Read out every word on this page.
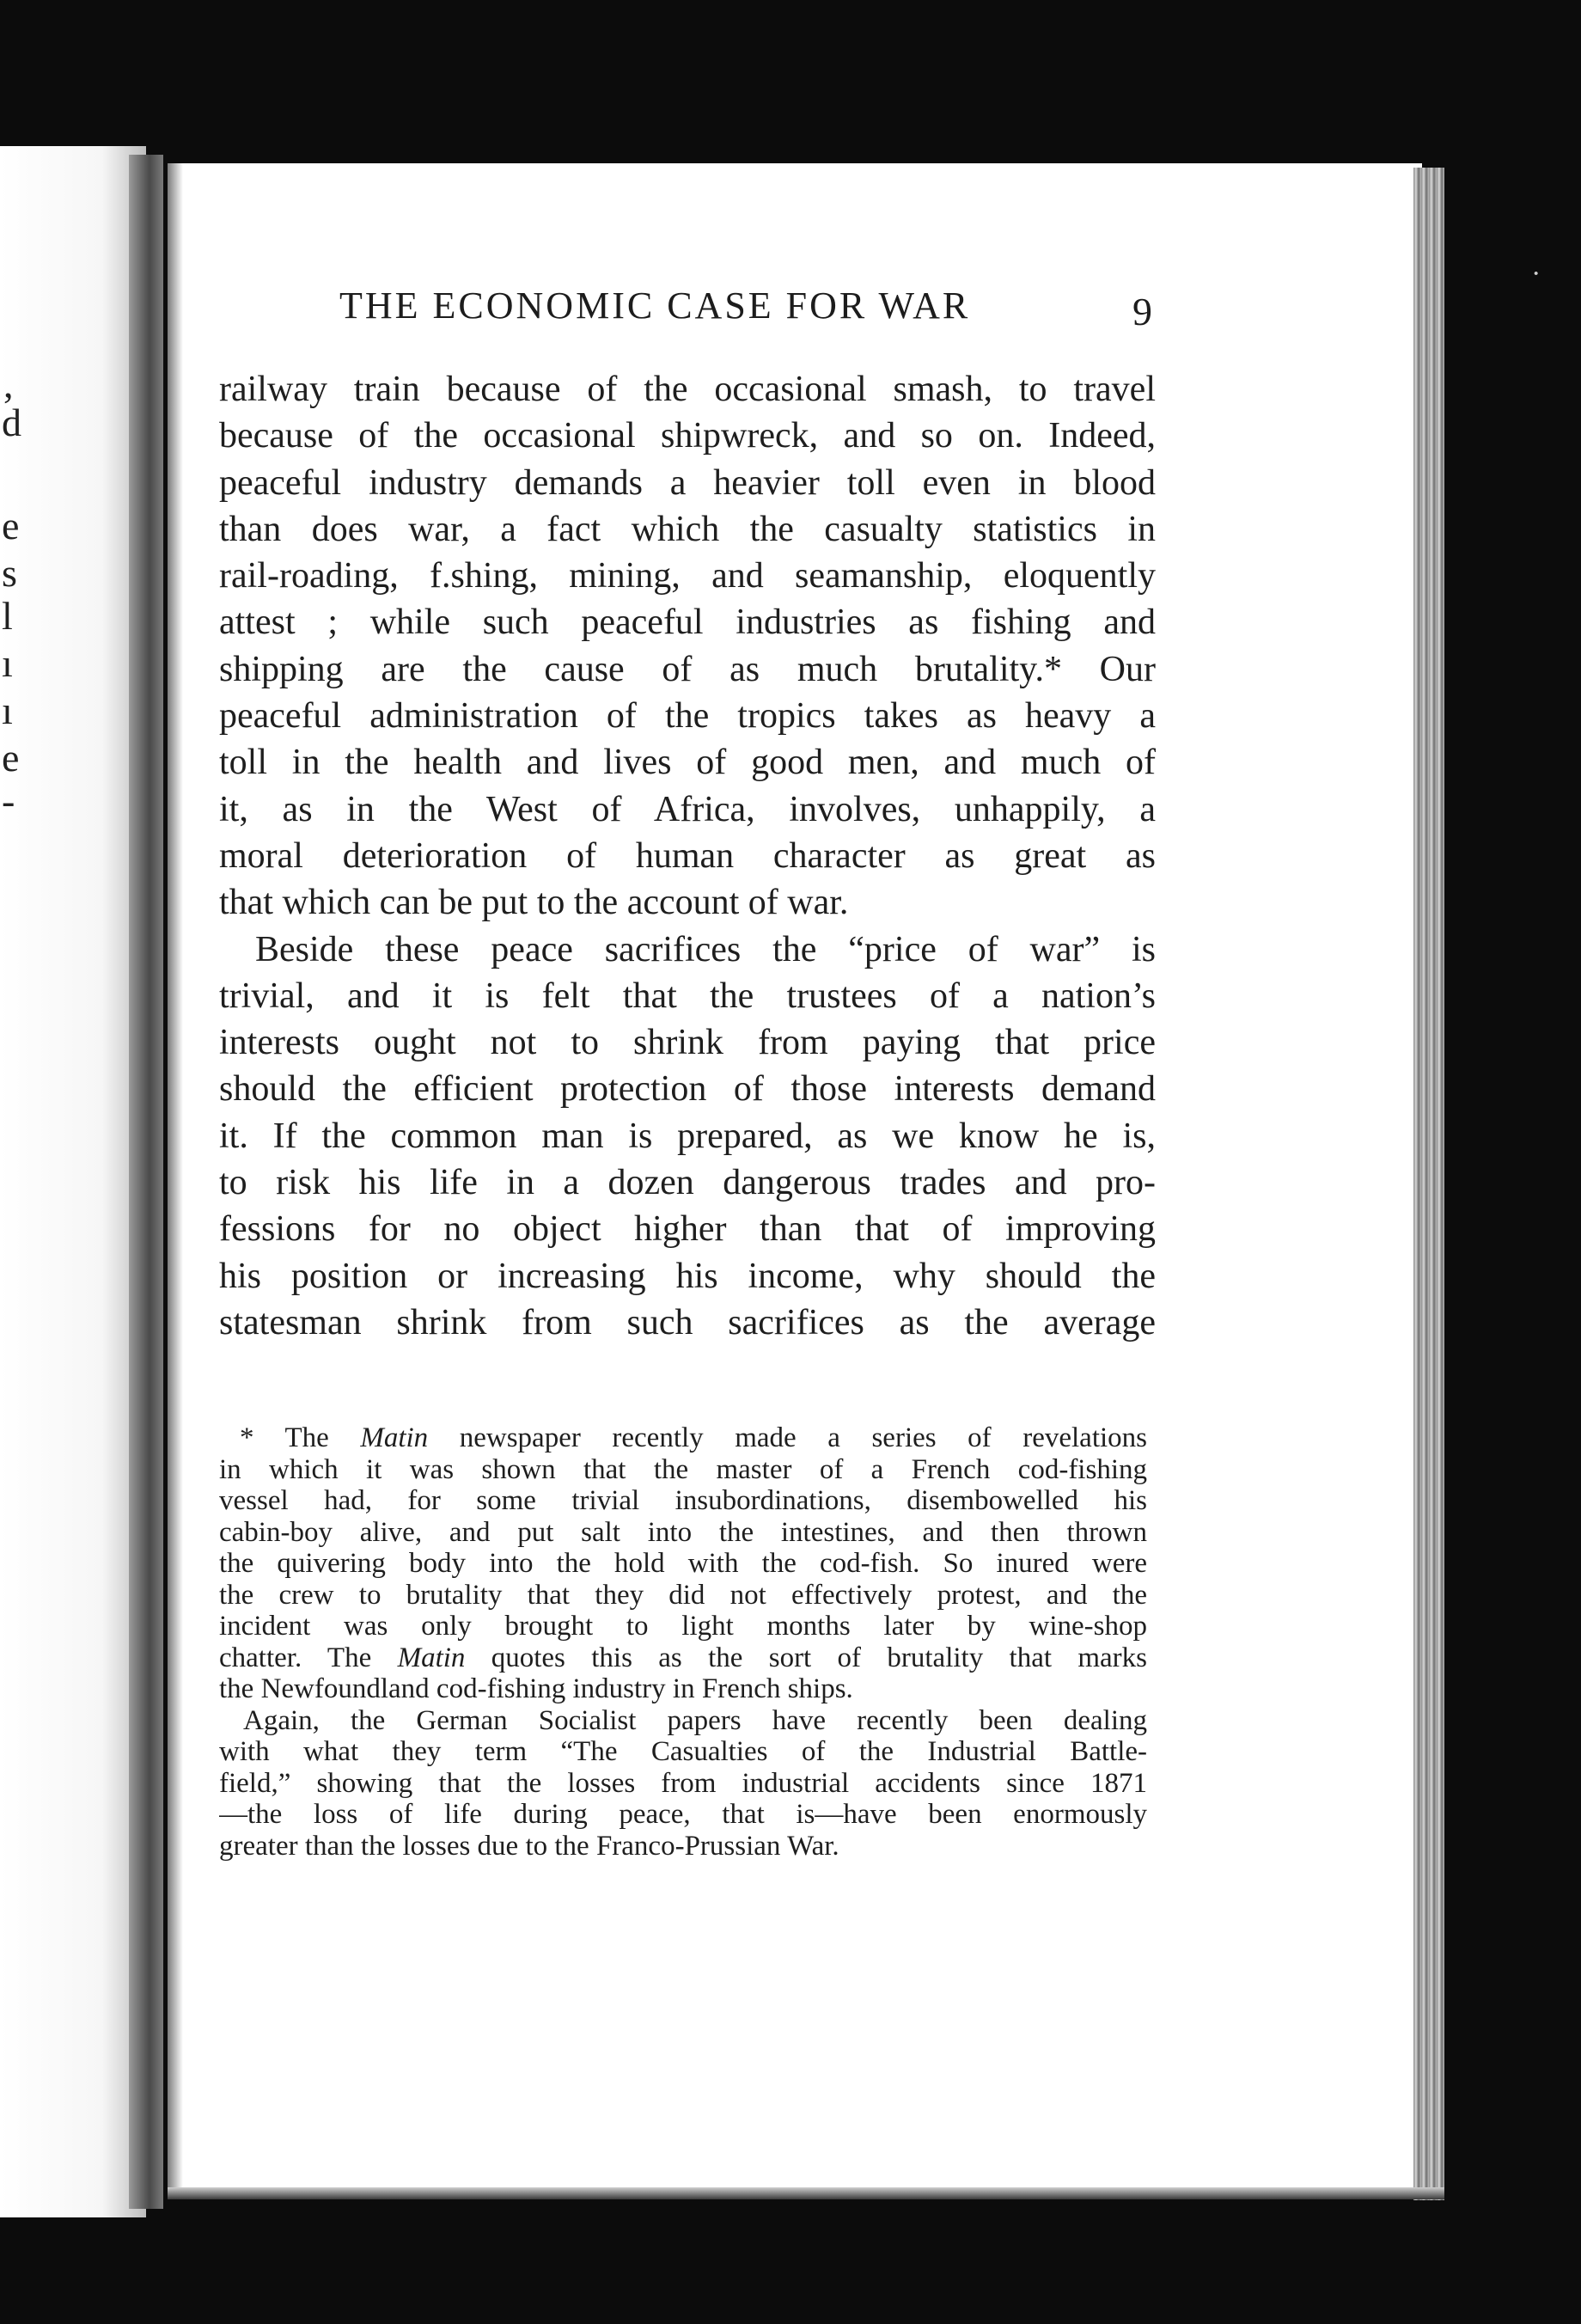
,
d
e
s
l
ı
ı
e
-
THE ECONOMIC CASE FOR WAR	9
railway train because of the occasional smash, to travel
because of the occasional shipwreck, and so on. Indeed,
peaceful industry demands a heavier toll even in blood
than does war, a fact which the casualty statistics in
rail-roading, f.shing, mining, and seamanship, eloquently
attest ; while such peaceful industries as fishing and
shipping are the cause of as much brutality.* Our
peaceful administration of the tropics takes as heavy a
toll in the health and lives of good men, and much of
it, as in the West of Africa, involves, unhappily, a
moral deterioration of human character as great as
that which can be put to the account of war.
Beside these peace sacrifices the “price of war” is
trivial, and it is felt that the trustees of a nation’s
interests ought not to shrink from paying that price
should the efficient protection of those interests demand
it. If the common man is prepared, as we know he is,
to risk his life in a dozen dangerous trades and pro-
fessions for no object higher than that of improving
his position or increasing his income, why should the
statesman shrink from such sacrifices as the average
* The Matin newspaper recently made a series of revelations
in which it was shown that the master of a French cod-fishing
vessel had, for some trivial insubordinations, disembowelled his
cabin-boy alive, and put salt into the intestines, and then thrown
the quivering body into the hold with the cod-fish. So inured were
the crew to brutality that they did not effectively protest, and the
incident was only brought to light months later by wine-shop
chatter. The Matin quotes this as the sort of brutality that marks
the Newfoundland cod-fishing industry in French ships.
Again, the German Socialist papers have recently been dealing
with what they term “The Casualties of the Industrial Battle-
field,” showing that the losses from industrial accidents since 1871
—the loss of life during peace, that is—have been enormously
greater than the losses due to the Franco-Prussian War.
·
